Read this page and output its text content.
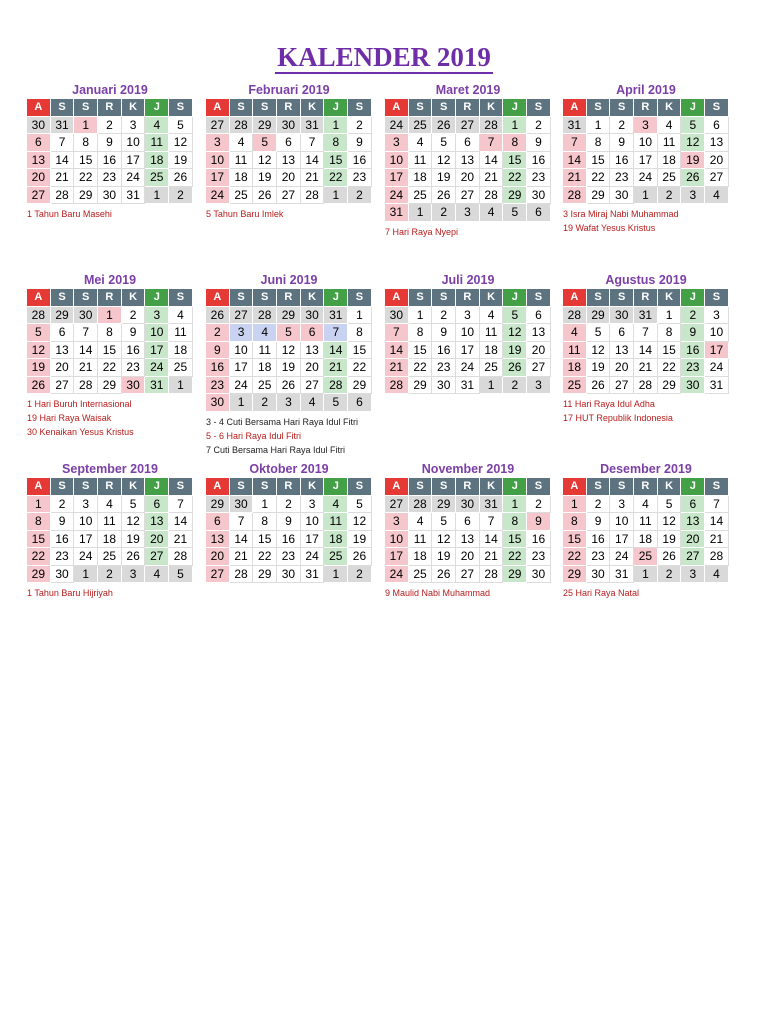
KALENDER 2019
Januari 2019
A	S	S	R	K	J	S
30 31	1	2	3	4	5
6	7	8	9	10 11 12
13 14 15 16 17 18 19
20 21 22 23 24 25 26
27 28 29 30 31	1	2
1 Tahun Baru Masehi
Februari 2019
A	S	S	R	K	J	S
27 28 29 30 31	1	2
3	4	5	6	7	8	9
10 11 12 13 14 15 16
17 18 19 20 21 22 23
24 25 26 27 28	1	2
5 Tahun Baru Imlek
Maret 2019
A	S	S	R	K	J	S
24 25 26 27 28	1	2
3	4	5	6	7	8	9
10 11 12 13 14 15 16
17 18 19 20 21 22 23
24 25 26 27 28 29 30
31	1	2	3	4	5	6
7 Hari Raya Nyepi
April 2019
A	S	S	R	K	J	S
31	1	2	3	4	5	6
7	8	9	10 11 12 13
14 15 16 17 18 19 20
21 22 23 24 25 26 27
28 29 30	1	2	3	4
3 Isra Miraj Nabi Muhammad
19 Wafat Yesus Kristus
Mei 2019
A	S	S	R	K	J	S
28 29 30	1	2	3	4
5	6	7	8	9	10 11
12 13 14 15 16 17 18
19 20 21 22 23 24 25
26 27 28 29 30 31	1
1 Hari Buruh Internasional
19 Hari Raya Waisak
30 Kenaikan Yesus Kristus
Juni 2019
A	S	S	R	K	J	S
26 27 28 29 30 31	1
2	3	4	5	6	7	8
9	10 11 12 13 14 15
16 17 18 19 20 21 22
23 24 25 26 27 28 29
30	1	2	3	4	5	6
3 - 4 Cuti Bersama Hari Raya Idul Fitri
5 - 6 Hari Raya Idul Fitri
7 Cuti Bersama Hari Raya Idul Fitri
Juli 2019
A	S	S	R	K	J	S
30	1	2	3	4	5	6
7	8	9	10 11 12 13
14 15 16 17 18 19 20
21 22 23 24 25 26 27
28 29 30 31	1	2	3
Agustus 2019
A	S	S	R	K	J	S
28 29 30 31	1	2	3
4	5	6	7	8	9	10
11 12 13 14 15 16 17
18 19 20 21 22 23 24
25 26 27 28 29 30 31
11 Hari Raya Idul Adha
17 HUT Republik Indonesia
September 2019
A	S	S	R	K	J	S
1	2	3	4	5	6	7
8	9	10 11 12 13 14
15 16 17 18 19 20 21
22 23 24 25 26 27 28
29 30	1	2	3	4	5
1 Tahun Baru Hijriyah
Oktober 2019
A	S	S	R	K	J	S
29 30	1	2	3	4	5
6	7	8	9	10 11 12
13 14 15 16 17 18 19
20 21 22 23 24 25 26
27 28 29 30 31	1	2
November 2019
A	S	S	R	K	J	S
27 28 29 30 31	1	2
3	4	5	6	7	8	9
10 11 12 13 14 15 16
17 18 19 20 21 22 23
24 25 26 27 28 29 30
9 Maulid Nabi Muhammad
Desember 2019
A	S	S	R	K	J	S
1	2	3	4	5	6	7
8	9	10 11 12 13 14
15 16 17 18 19 20 21
22 23 24 25 26 27 28
29 30 31	1	2	3	4
25 Hari Raya Natal
